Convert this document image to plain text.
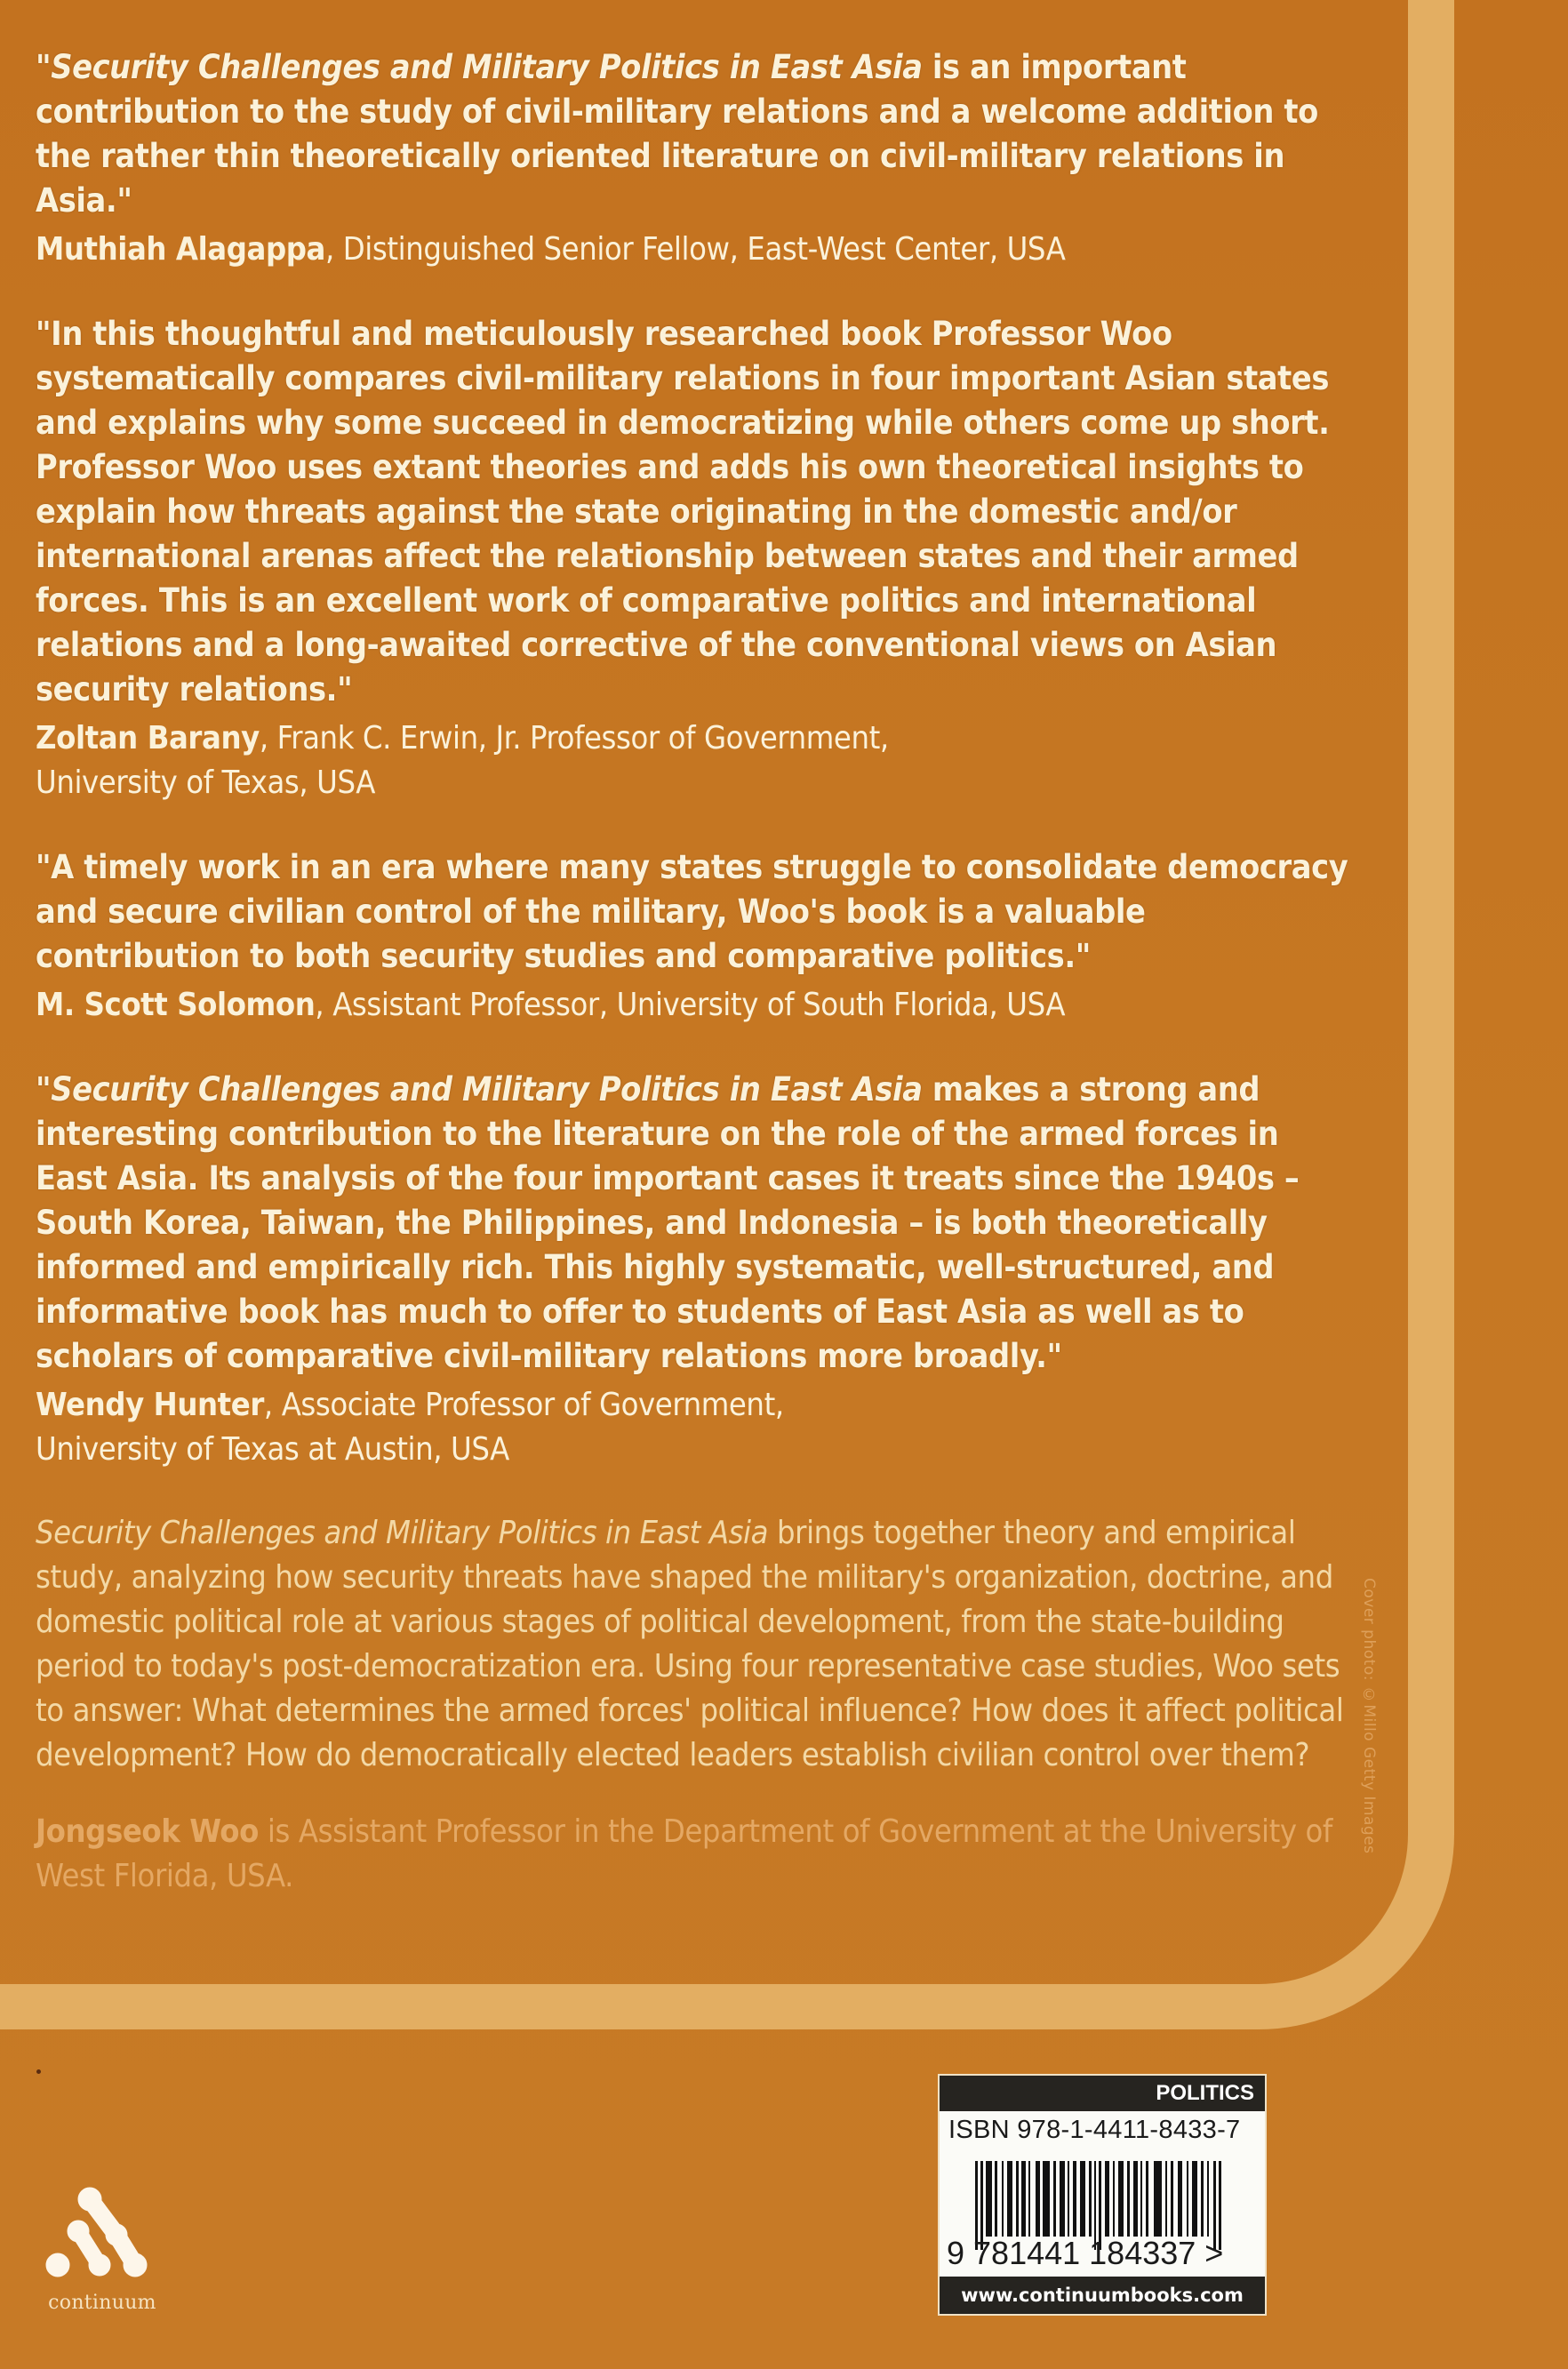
"Security Challenges and Military Politics in East Asia is an important contribution to the study of civil-military relations and a welcome addition to the rather thin theoretically oriented literature on civil-military relations in Asia."

Muthiah Alagappa, Distinguished Senior Fellow, East-West Center, USA

"In this thoughtful and meticulously researched book Professor Woo systematically compares civil-military relations in four important Asian states and explains why some succeed in democratizing while others come up short. Professor Woo uses extant theories and adds his own theoretical insights to explain how threats against the state originating in the domestic and/or international arenas affect the relationship between states and their armed forces. This is an excellent work of comparative politics and international relations and a long-awaited corrective of the conventional views on Asian security relations."

Zoltan Barany, Frank C. Erwin, Jr. Professor of Government,
University of Texas, USA

"A timely work in an era where many states struggle to consolidate democracy and secure civilian control of the military, Woo's book is a valuable contribution to both security studies and comparative politics."

M. Scott Solomon, Assistant Professor, University of South Florida, USA

"Security Challenges and Military Politics in East Asia makes a strong and interesting contribution to the literature on the role of the armed forces in East Asia. Its analysis of the four important cases it treats since the 1940s – South Korea, Taiwan, the Philippines, and Indonesia – is both theoretically informed and empirically rich. This highly systematic, well-structured, and informative book has much to offer to students of East Asia as well as to scholars of comparative civil-military relations more broadly."

Wendy Hunter, Associate Professor of Government,
University of Texas at Austin, USA

Security Challenges and Military Politics in East Asia brings together theory and empirical study, analyzing how security threats have shaped the military's organization, doctrine, and domestic political role at various stages of political development, from the state-building period to today's post-democratization era. Using four representative case studies, Woo sets to answer: What determines the armed forces' political influence? How does it affect political development? How do democratically elected leaders establish civilian control over them?

Jongseok Woo is Assistant Professor in the Department of Government at the University of West Florida, USA.

Cover photo: ©Millo Getty Images
continuum
POLITICS
ISBN 978-1-4411-8433-7
9 781441 184337 >
www.continuumbooks.com
